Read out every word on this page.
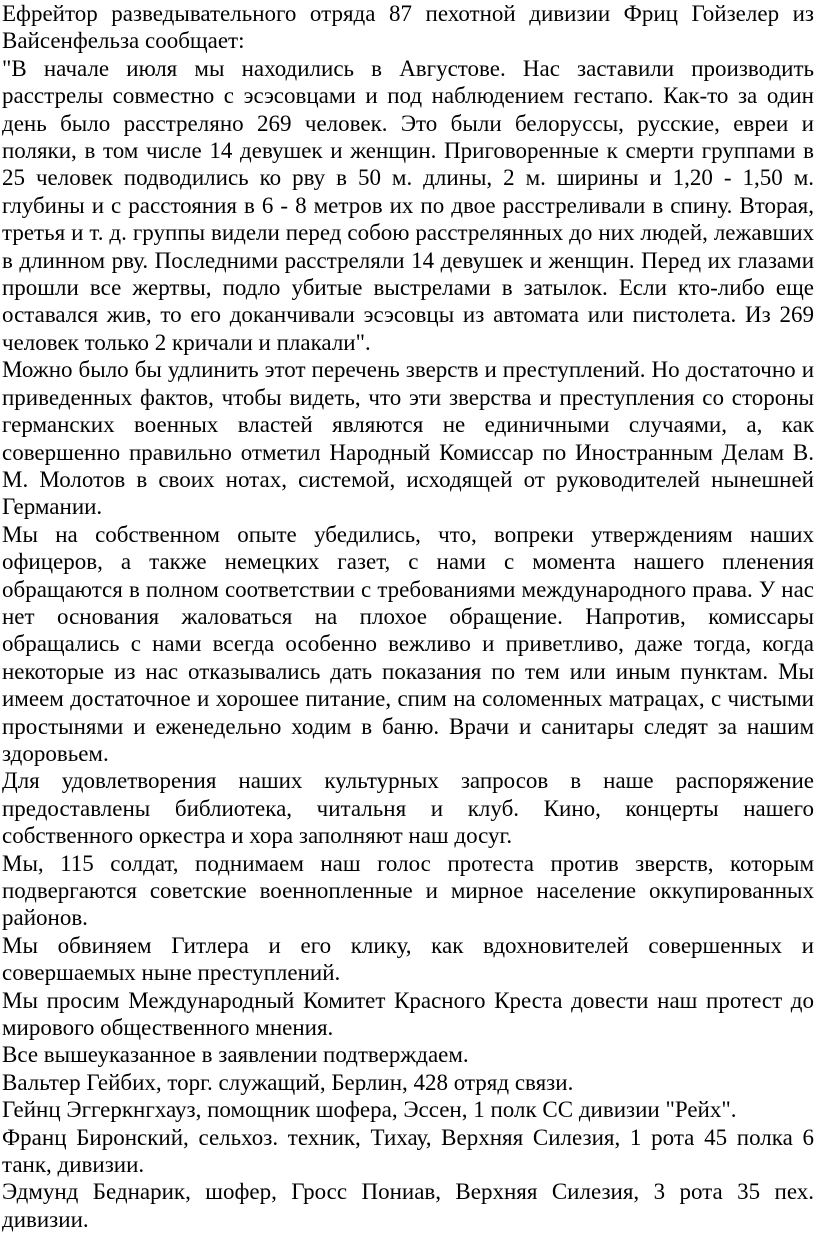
Ефрейтор разведывательного отряда 87 пехотной дивизии Фриц Гойзелер из Вайсенфельза сообщает:

"В начале июля мы находились в Августове. Нас заставили производить расстрелы совместно с эсэсовцами и под наблюдением гестапо. Как-то за один день было расстреляно 269 человек. Это были белоруссы, русские, евреи и поляки, в том числе 14 девушек и женщин. Приговоренные к смерти группами в 25 человек подводились ко рву в 50 м. длины, 2 м. ширины и 1,20 - 1,50 м. глубины и с расстояния в 6 - 8 метров их по двое расстреливали в спину. Вторая, третья и т. д. группы видели перед собою расстрелянных до них людей, лежавших в длинном рву. Последними расстреляли 14 девушек и женщин. Перед их глазами прошли все жертвы, подло убитые выстрелами в затылок. Если кто-либо еще оставался жив, то его доканчивали эсэсовцы из автомата или пистолета. Из 269 человек только 2 кричали и плакали".

Можно было бы удлинить этот перечень зверств и преступлений. Но достаточно и приведенных фактов, чтобы видеть, что эти зверства и преступления со стороны германских военных властей являются не единичными случаями, а, как совершенно правильно отметил Народный Комиссар по Иностранным Делам В. М. Молотов в своих нотах, системой, исходящей от руководителей нынешней Германии.

Мы на собственном опыте убедились, что, вопреки утверждениям наших офицеров, а также немецких газет, с нами с момента нашего пленения обращаются в полном соответствии с требованиями международного права. У нас нет основания жаловаться на плохое обращение. Напротив, комиссары обращались с нами всегда особенно вежливо и приветливо, даже тогда, когда некоторые из нас отказывались дать показания по тем или иным пунктам. Мы имеем достаточное и хорошее питание, спим на соломенных матрацах, с чистыми простынями и еженедельно ходим в баню. Врачи и санитары следят за нашим здоровьем.

Для удовлетворения наших культурных запросов в наше распоряжение предоставлены библиотека, читальня и клуб. Кино, концерты нашего собственного оркестра и хора заполняют наш досуг.

Мы, 115 солдат, поднимаем наш голос протеста против зверств, которым подвергаются советские военнопленные и мирное население оккупированных районов.

Мы обвиняем Гитлера и его клику, как вдохновителей совершенных и совершаемых ныне преступлений.

Мы просим Международный Комитет Красного Креста довести наш протест до мирового общественного мнения.

Все вышеуказанное в заявлении подтверждаем.

Вальтер Гейбих, торг. служащий, Берлин, 428 отряд связи.

Гейнц Эггеркнгхауз, помощник шофера, Эссен, 1 полк СС дивизии "Рейх".

Франц Биронский, сельхоз. техник, Тихау, Верхняя Силезия, 1 рота 45 полка 6 танк, дивизии.

Эдмунд Беднарик, шофер, Гросс Пониав, Верхняя Силезия, 3 рота 35 пех. дивизии.
